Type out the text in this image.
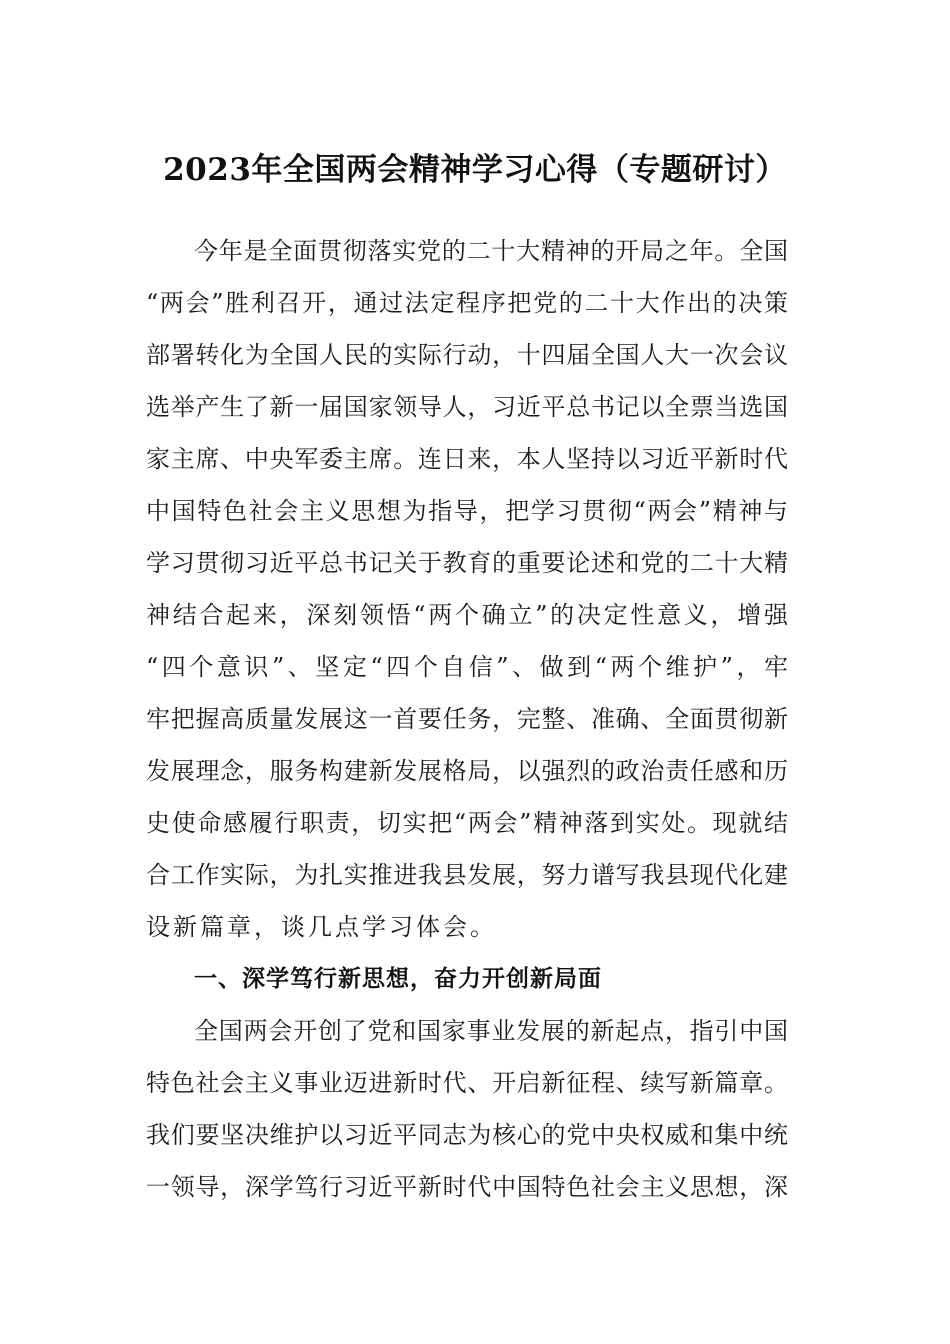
2023年全国两会精神学习心得（专题研讨）
今年是全面贯彻落实党的二十大精神的开局之年。全国
“两会”胜利召开，通过法定程序把党的二十大作出的决策
部署转化为全国人民的实际行动，十四届全国人大一次会议
选举产生了新一届国家领导人，习近平总书记以全票当选国
家主席、中央军委主席。连日来，本人坚持以习近平新时代
中国特色社会主义思想为指导，把学习贯彻“两会”精神与
学习贯彻习近平总书记关于教育的重要论述和党的二十大精
神结合起来，深刻领悟“两个确立”的决定性意义，增强
“四个意识”、坚定“四个自信”、做到“两个维护”，牢
牢把握高质量发展这一首要任务，完整、准确、全面贯彻新
发展理念，服务构建新发展格局，以强烈的政治责任感和历
史使命感履行职责，切实把“两会”精神落到实处。现就结
合工作实际，为扎实推进我县发展，努力谱写我县现代化建
设新篇章，谈几点学习体会。
一、深学笃行新思想，奋力开创新局面
全国两会开创了党和国家事业发展的新起点，指引中国
特色社会主义事业迈进新时代、开启新征程、续写新篇章。
我们要坚决维护以习近平同志为核心的党中央权威和集中统
一领导，深学笃行习近平新时代中国特色社会主义思想，深
